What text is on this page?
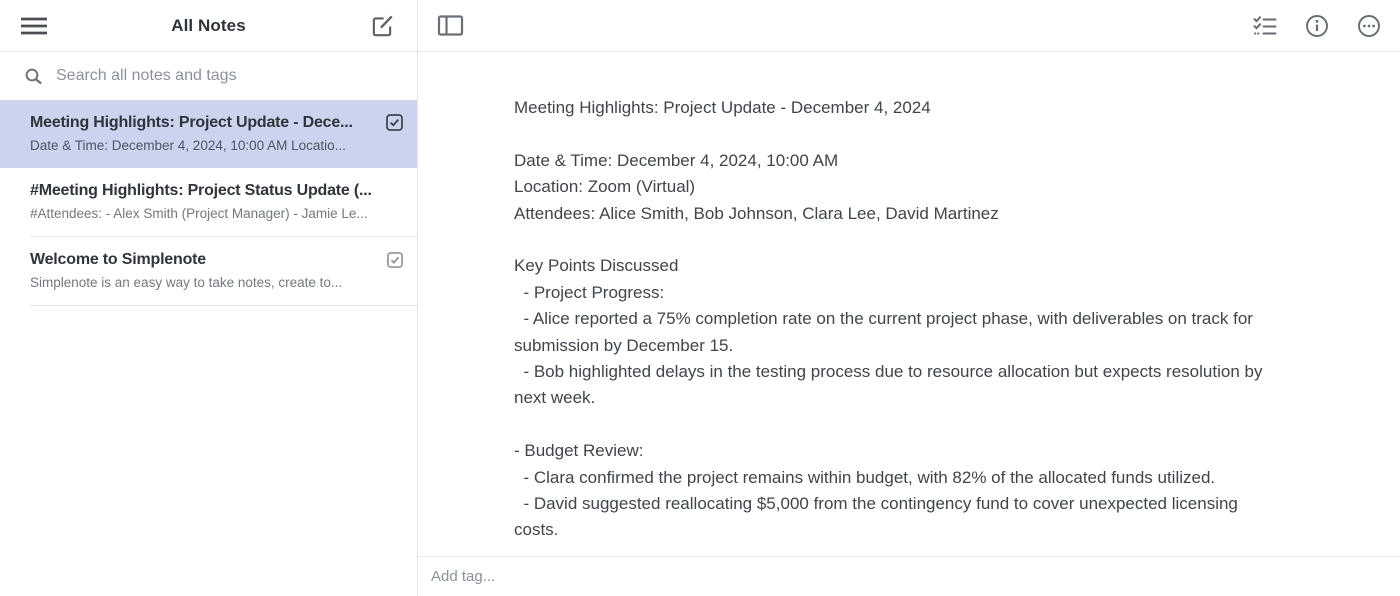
All Notes
Search all notes and tags
Meeting Highlights: Project Update - Dece...
Date & Time: December 4, 2024, 10:00 AM Locatio...
#Meeting Highlights: Project Status Update (...
#Attendees: - Alex Smith (Project Manager) - Jamie Le...
Welcome to Simplenote
Simplenote is an easy way to take notes, create to...
Meeting Highlights: Project Update - December 4, 2024
Date & Time: December 4, 2024, 10:00 AM
Location: Zoom (Virtual)
Attendees: Alice Smith, Bob Johnson, Clara Lee, David Martinez
Key Points Discussed
- Project Progress:
- Alice reported a 75% completion rate on the current project phase, with deliverables on track for
submission by December 15.
- Bob highlighted delays in the testing process due to resource allocation but expects resolution by
next week.
- Budget Review:
- Clara confirmed the project remains within budget, with 82% of the allocated funds utilized.
- David suggested reallocating $5,000 from the contingency fund to cover unexpected licensing
costs.
Add tag...
